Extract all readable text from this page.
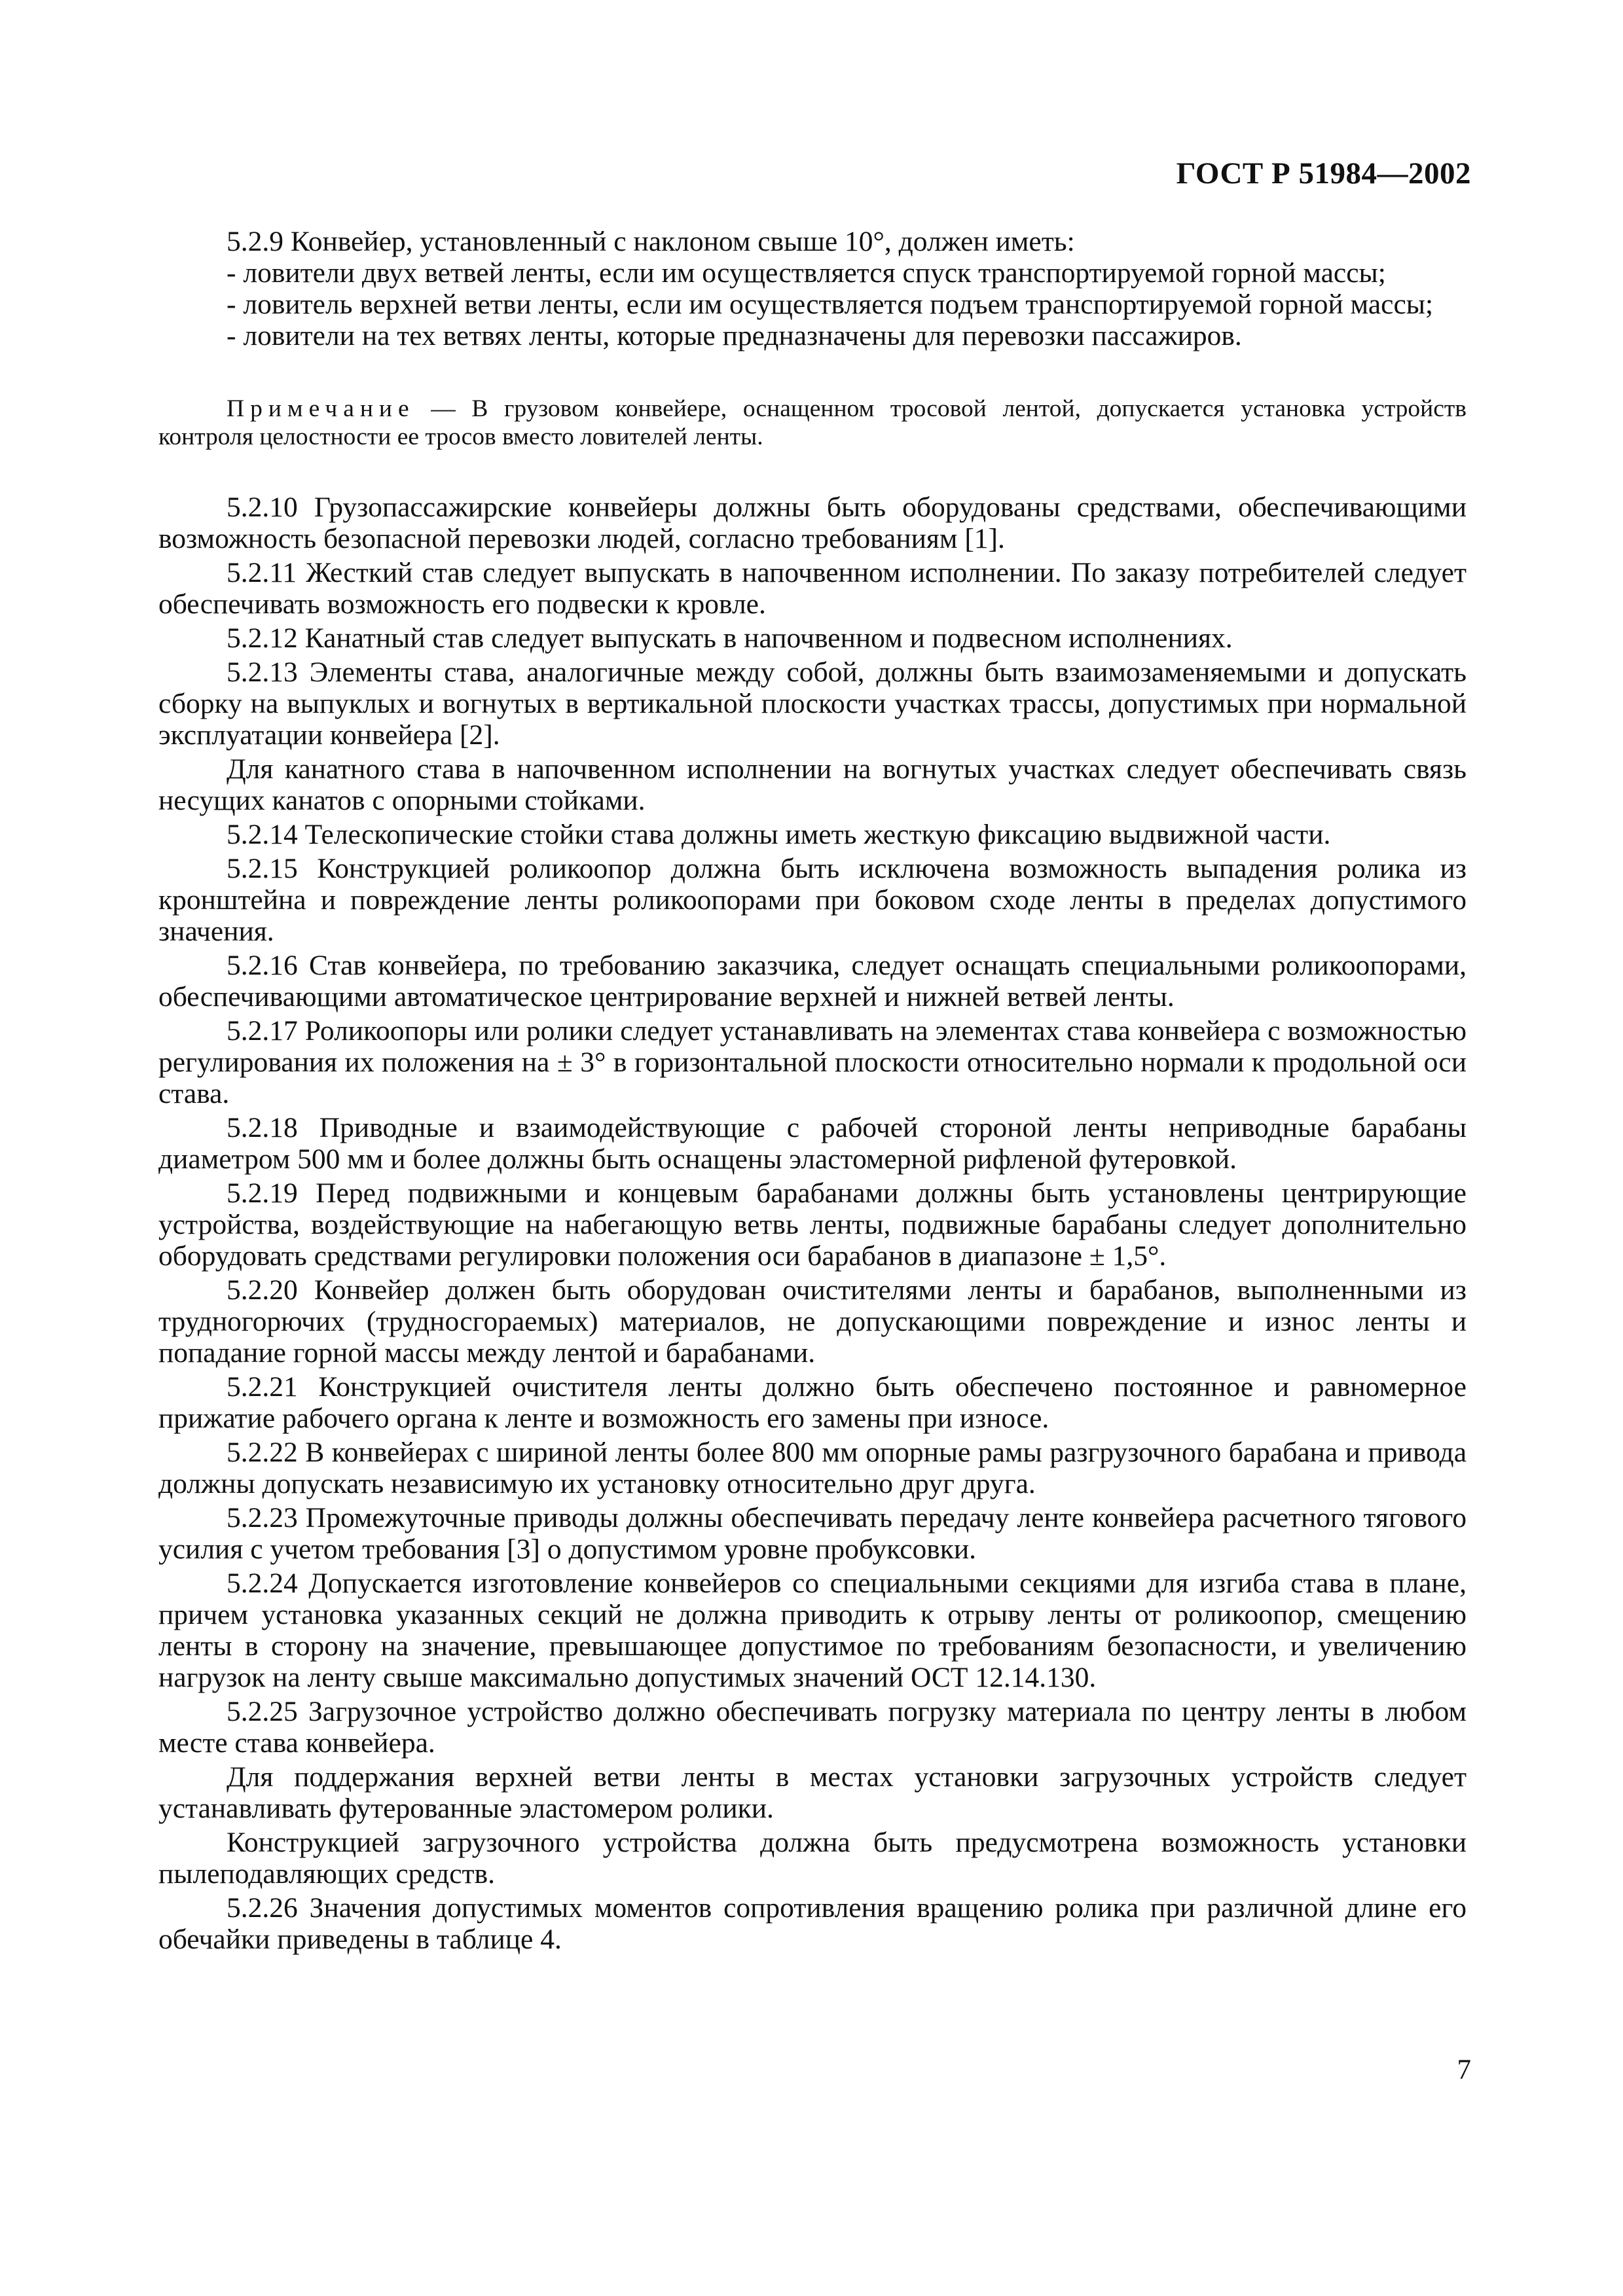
ГОСТ Р 51984—2002

5.2.9 Конвейер, установленный с наклоном свыше 10°, должен иметь:

- ловители двух ветвей ленты, если им осуществляется спуск транспортируемой горной массы;

- ловитель верхней ветви ленты, если им осуществляется подъем транспортируемой горной массы;

- ловители на тех ветвях ленты, которые предназначены для перевозки пассажиров.

Примечание — В грузовом конвейере, оснащенном тросовой лентой, допускается установка устройств контроля целостности ее тросов вместо ловителей ленты.

5.2.10 Грузопассажирские конвейеры должны быть оборудованы средствами, обеспечивающими возможность безопасной перевозки людей, согласно требованиям [1].

5.2.11 Жесткий став следует выпускать в напочвенном исполнении. По заказу потребителей следует обеспечивать возможность его подвески к кровле.

5.2.12 Канатный став следует выпускать в напочвенном и подвесном исполнениях.

5.2.13 Элементы става, аналогичные между собой, должны быть взаимозаменяемыми и допускать сборку на выпуклых и вогнутых в вертикальной плоскости участках трассы, допустимых при нормальной эксплуатации конвейера [2].

Для канатного става в напочвенном исполнении на вогнутых участках следует обеспечивать связь несущих канатов с опорными стойками.

5.2.14 Телескопические стойки става должны иметь жесткую фиксацию выдвижной части.

5.2.15 Конструкцией роликоопор должна быть исключена возможность выпадения ролика из кронштейна и повреждение ленты роликоопорами при боковом сходе ленты в пределах допустимого значения.

5.2.16 Став конвейера, по требованию заказчика, следует оснащать специальными роликоопорами, обеспечивающими автоматическое центрирование верхней и нижней ветвей ленты.

5.2.17 Роликоопоры или ролики следует устанавливать на элементах става конвейера с возможностью регулирования их положения на ± 3° в горизонтальной плоскости относительно нормали к продольной оси става.

5.2.18 Приводные и взаимодействующие с рабочей стороной ленты неприводные барабаны диаметром 500 мм и более должны быть оснащены эластомерной рифленой футеровкой.

5.2.19 Перед подвижными и концевым барабанами должны быть установлены центрирующие устройства, воздействующие на набегающую ветвь ленты, подвижные барабаны следует дополнительно оборудовать средствами регулировки положения оси барабанов в диапазоне ± 1,5°.

5.2.20 Конвейер должен быть оборудован очистителями ленты и барабанов, выполненными из трудногорючих (трудносгораемых) материалов, не допускающими повреждение и износ ленты и попадание горной массы между лентой и барабанами.

5.2.21 Конструкцией очистителя ленты должно быть обеспечено постоянное и равномерное прижатие рабочего органа к ленте и возможность его замены при износе.

5.2.22 В конвейерах с шириной ленты более 800 мм опорные рамы разгрузочного барабана и привода должны допускать независимую их установку относительно друг друга.

5.2.23 Промежуточные приводы должны обеспечивать передачу ленте конвейера расчетного тягового усилия с учетом требования [3] о допустимом уровне пробуксовки.

5.2.24 Допускается изготовление конвейеров со специальными секциями для изгиба става в плане, причем установка указанных секций не должна приводить к отрыву ленты от роликоопор, смещению ленты в сторону на значение, превышающее допустимое по требованиям безопасности, и увеличению нагрузок на ленту свыше максимально допустимых значений ОСТ 12.14.130.

5.2.25 Загрузочное устройство должно обеспечивать погрузку материала по центру ленты в любом месте става конвейера.

Для поддержания верхней ветви ленты в местах установки загрузочных устройств следует устанавливать футерованные эластомером ролики.

Конструкцией загрузочного устройства должна быть предусмотрена возможность установки пылеподавляющих средств.

5.2.26 Значения допустимых моментов сопротивления вращению ролика при различной длине его обечайки приведены в таблице 4.

7
